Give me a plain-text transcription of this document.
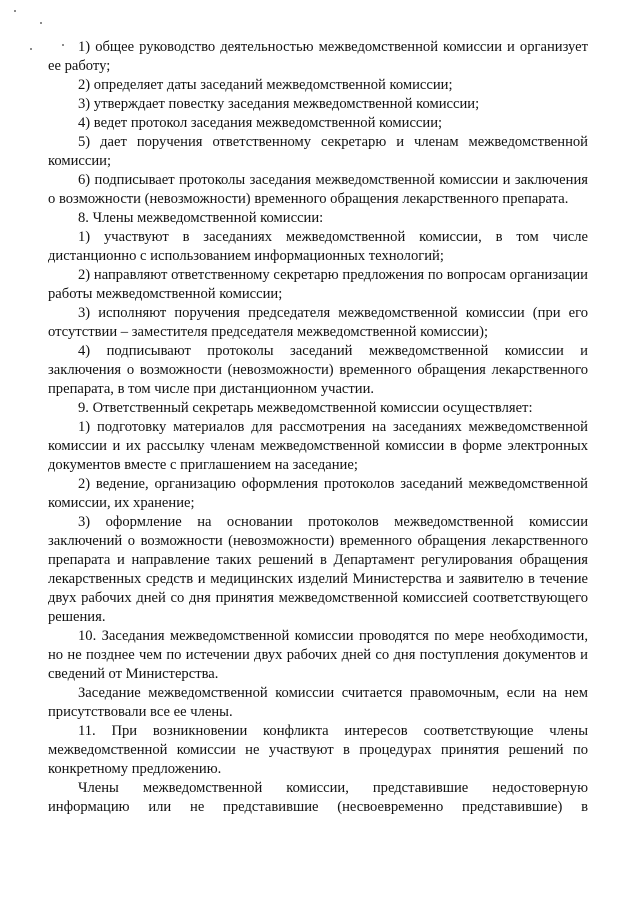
1) общее руководство деятельностью межведомственной комиссии и организует ее работу;

2) определяет даты заседаний межведомственной комиссии;

3) утверждает повестку заседания межведомственной комиссии;

4) ведет протокол заседания межведомственной комиссии;

5) дает поручения ответственному секретарю и членам межведомственной комиссии;

6) подписывает протоколы заседания межведомственной комиссии и заключения о возможности (невозможности) временного обращения лекарственного препарата.

8. Члены межведомственной комиссии:

1) участвуют в заседаниях межведомственной комиссии, в том числе дистанционно с использованием информационных технологий;

2) направляют ответственному секретарю предложения по вопросам организации работы межведомственной комиссии;

3) исполняют поручения председателя межведомственной комиссии (при его отсутствии – заместителя председателя межведомственной комиссии);

4) подписывают протоколы заседаний межведомственной комиссии и заключения о возможности (невозможности) временного обращения лекарственного препарата, в том числе при дистанционном участии.

9. Ответственный секретарь межведомственной комиссии осуществляет:

1) подготовку материалов для рассмотрения на заседаниях межведомственной комиссии и их рассылку членам межведомственной комиссии в форме электронных документов вместе с приглашением на заседание;

2) ведение, организацию оформления протоколов заседаний межведомственной комиссии, их хранение;

3) оформление на основании протоколов межведомственной комиссии заключений о возможности (невозможности) временного обращения лекарственного препарата и направление таких решений в Департамент регулирования обращения лекарственных средств и медицинских изделий Министерства и заявителю в течение двух рабочих дней со дня принятия межведомственной комиссией соответствующего решения.

10. Заседания межведомственной комиссии проводятся по мере необходимости, но не позднее чем по истечении двух рабочих дней со дня поступления документов и сведений от Министерства.

Заседание межведомственной комиссии считается правомочным, если на нем присутствовали все ее члены.

11. При возникновении конфликта интересов соответствующие члены межведомственной комиссии не участвуют в процедурах принятия решений по конкретному предложению.

Члены межведомственной комиссии, представившие недостоверную информацию или не представившие (несвоевременно представившие) в
